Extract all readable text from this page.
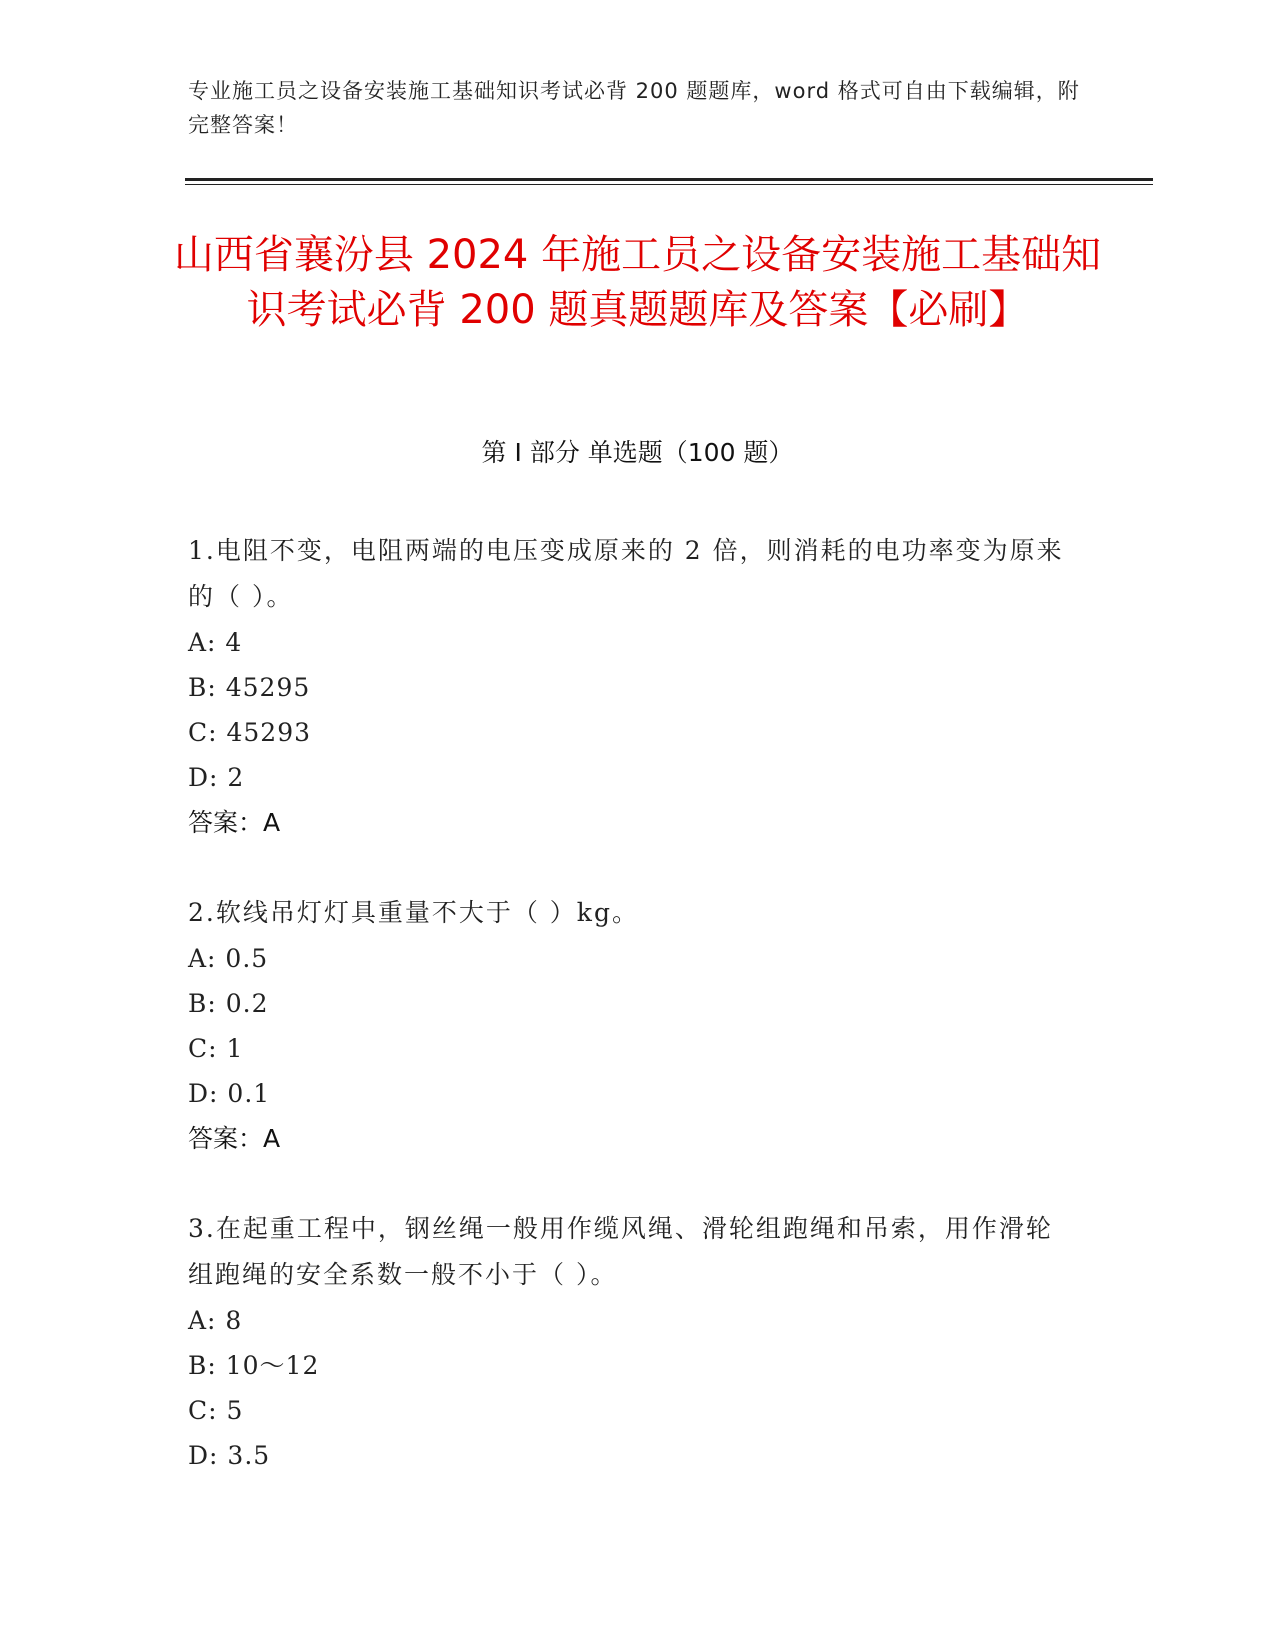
专业施工员之设备安装施工基础知识考试必背 200 题题库，word 格式可自由下载编辑，附完整答案！
山西省襄汾县 2024 年施工员之设备安装施工基础知识考试必背 200 题真题题库及答案【必刷】
第 I 部分 单选题（100 题）

1.电阻不变，电阻两端的电压变成原来的 2 倍，则消耗的电功率变为原来的（ ）。

A: 4

B: 45295

C: 45293

D: 2

答案：A

2.软线吊灯灯具重量不大于（ ）kg。

A: 0.5

B: 0.2

C: 1

D: 0.1

答案：A

3.在起重工程中，钢丝绳一般用作缆风绳、滑轮组跑绳和吊索，用作滑轮组跑绳的安全系数一般不小于（ ）。

A: 8

B: 10～12

C: 5

D: 3.5
